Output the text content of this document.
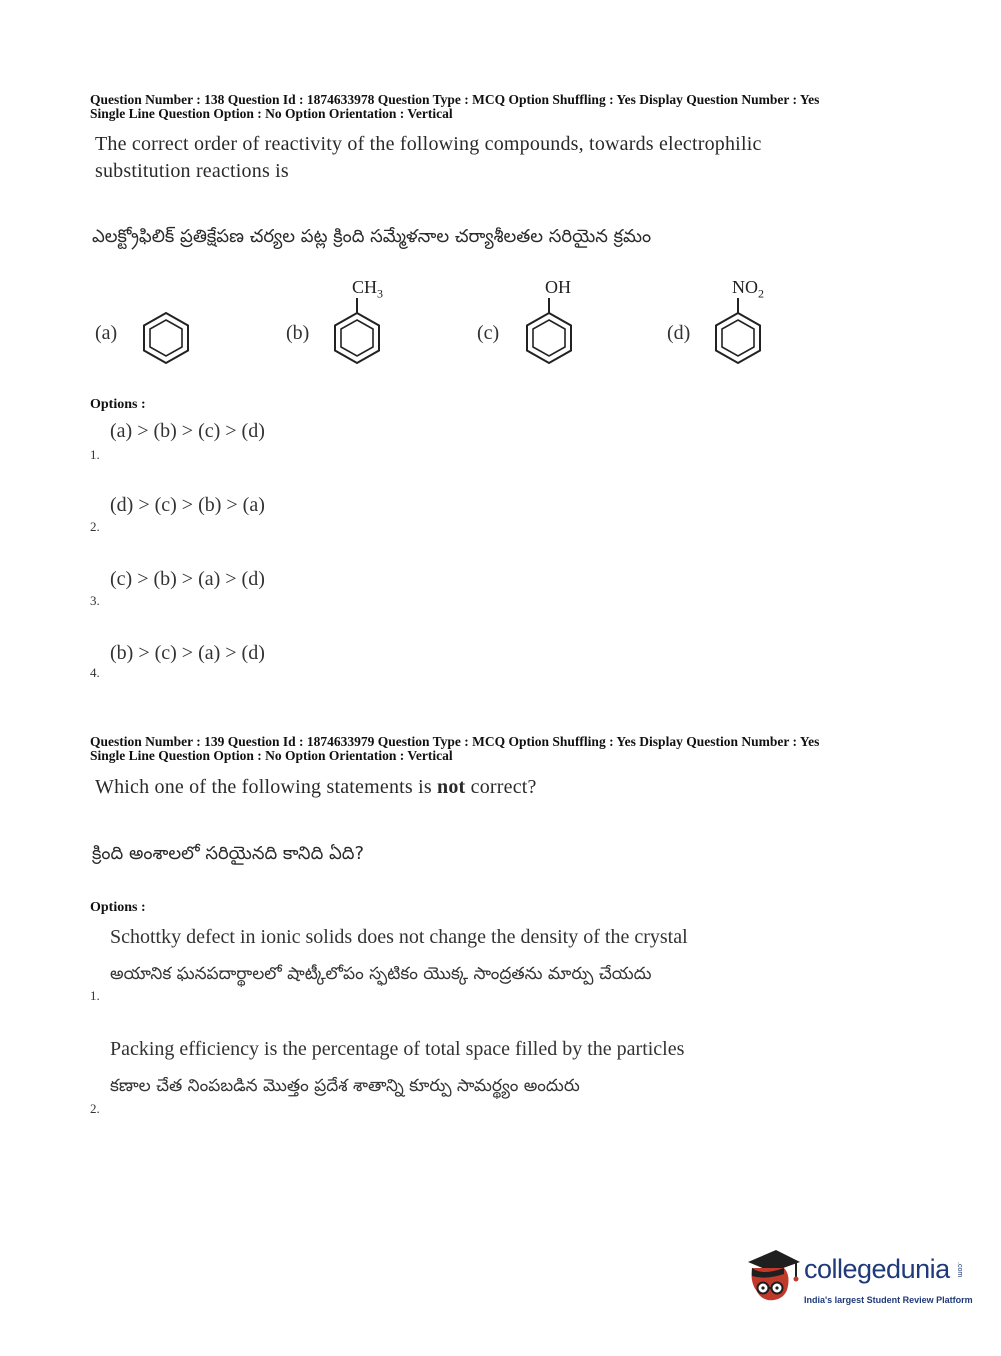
Question Number : 138 Question Id : 1874633978 Question Type : MCQ Option Shuffling : Yes Display Question Number : Yes
Single Line Question Option : No Option Orientation : Vertical
The correct order of reactivity of the following compounds, towards electrophilic
substitution reactions is
ఎలక్ట్రోఫిలిక్ ప్రతిక్షేపణ చర్యల పట్ల క్రింది సమ్మేళనాల చర్యాశీలతల సరియైన క్రమం
(a)	(b)
$CH_3$
(c)
OH
(d)
$NO_2$
Options :
(a) > (b) > (c) > (d)
1.
(d) > (c) > (b) > (a)
2.
(c) > (b) > (a) > (d)
3.
(b) > (c) > (a) > (d)
4.
Question Number : 139 Question Id : 1874633979 Question Type : MCQ Option Shuffling : Yes Display Question Number : Yes
Single Line Question Option : No Option Orientation : Vertical
Which one of the following statements is not correct?
క్రింది అంశాలలో సరియైనది కానిది ఏది?
Options :
Schottky defect in ionic solids does not change the density of the crystal
అయానిక ఘనపదార్థాలలో షాట్కీలోపం స్ఫటికం యొక్క సాంద్రతను మార్పు చేయదు
1.
Packing efficiency is the percentage of total space filled by the particles
కణాల చేత నింపబడిన మొత్తం ప్రదేశ శాతాన్ని కూర్పు సామర్థ్యం అందురు
2.
collegedunia .com
India's largest Student Review Platform
